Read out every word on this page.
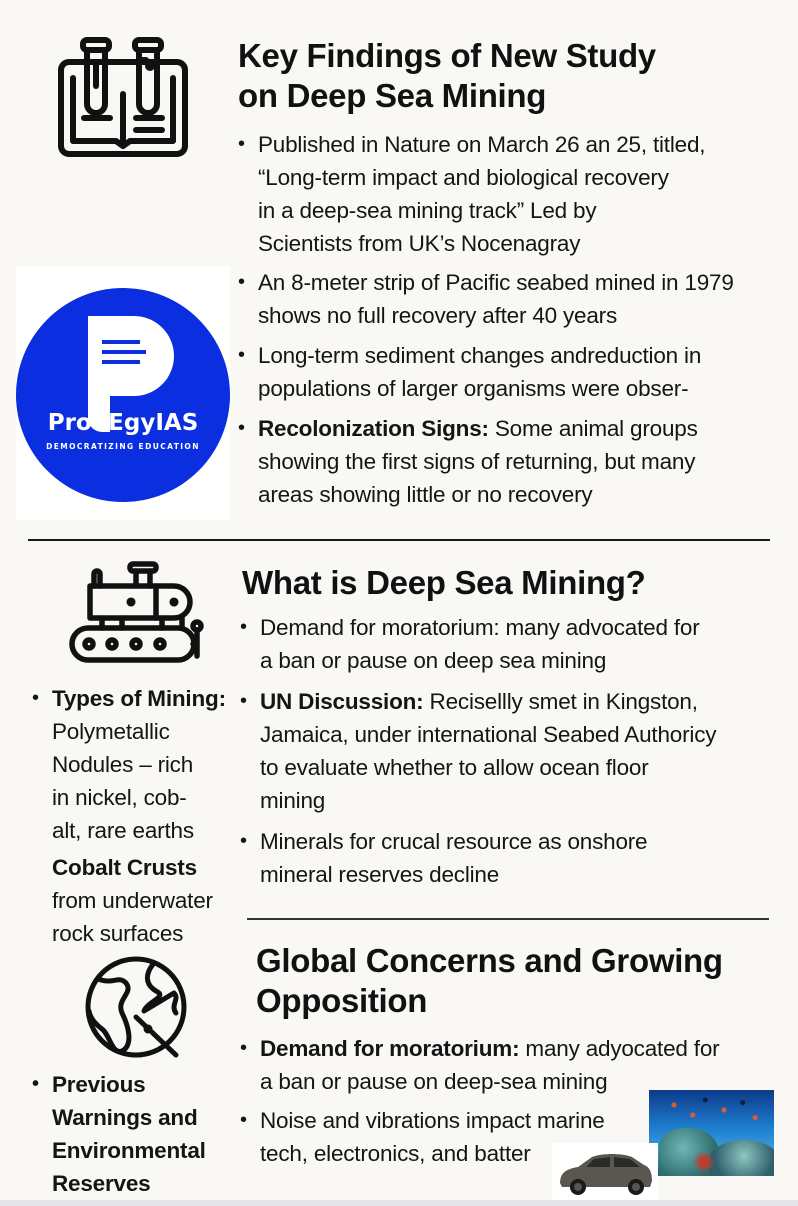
Key Findings of New Study
on Deep Sea Mining
• Published in Nature on March 26 an 25, titled,
“Long-term impact and biological recovery
in a deep-sea mining track” Led by
Scientists from UK’s Nocenagray
• An 8-meter strip of Pacific seabed mined in 1979
shows no full recovery after 40 years
• Long-term sediment changes andreduction in
populations of larger organisms were obser-
• Recolonization Signs: Some animal groups
showing the first signs of returning, but many
areas showing little or no recovery
ProdEgyIAS
DEMOCRATIZING EDUCATION
What is Deep Sea Mining?
• Demand for moratorium: many advocated for
a ban or pause on deep sea mining
• UN Discussion: Recisellly smet in Kingston,
Jamaica, under international Seabed Authoricy
to evaluate whether to allow ocean floor
mining
• Minerals for crucal resource as onshore
mineral reserves decline
• Types of Mining:
Polymetallic
Nodules – rich
in nickel, cob-
alt, rare earths
Cobalt Crusts
from underwater
rock surfaces
Global Concerns and Growing
Opposition
• Demand for moratorium: many adyocated for
a ban or pause on deep-sea mining
• Noise and vibrations impact marine
tech, electronics, and batter
• Previous
Warnings and
Environmental
Reserves
